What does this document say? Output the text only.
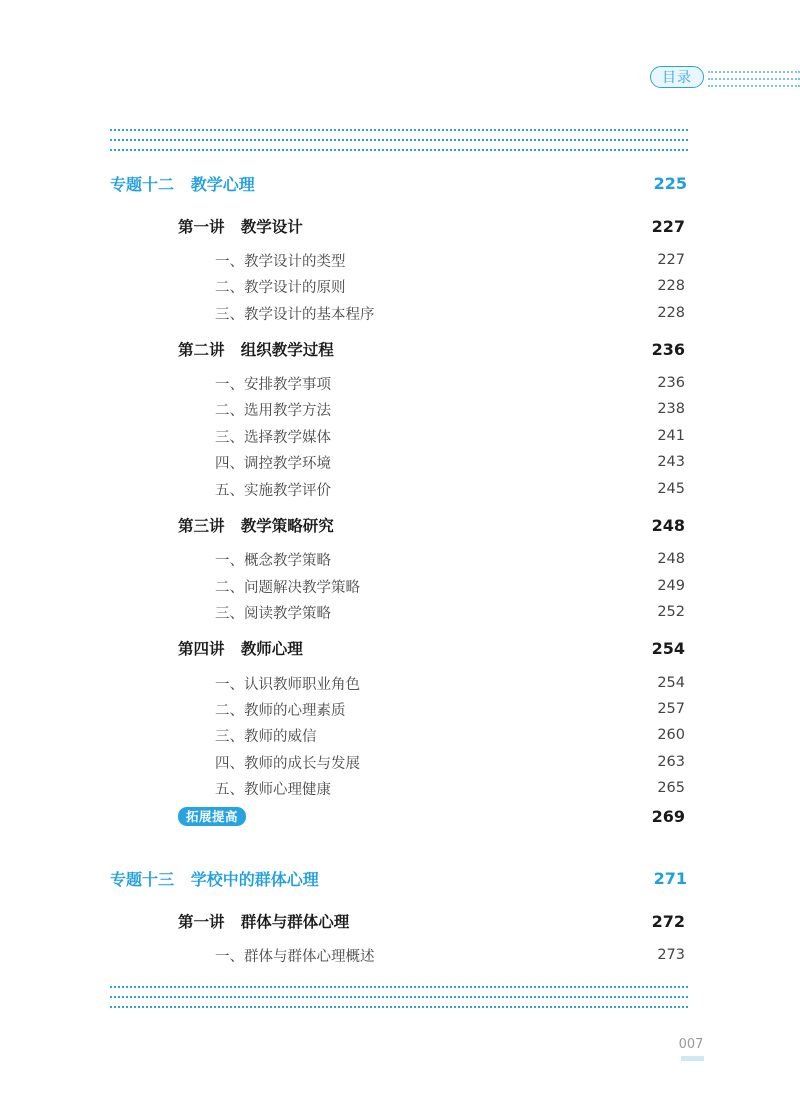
目录
专题十二   教学心理	225
第一讲   教学设计	227
一、教学设计的类型	227
二、教学设计的原则	228
三、教学设计的基本程序	228
第二讲   组织教学过程	236
一、安排教学事项	236
二、选用教学方法	238
三、选择教学媒体	241
四、调控教学环境	243
五、实施教学评价	245
第三讲   教学策略研究	248
一、概念教学策略	248
二、问题解决教学策略	249
三、阅读教学策略	252
第四讲   教师心理	254
一、认识教师职业角色	254
二、教师的心理素质	257
三、教师的威信	260
四、教师的成长与发展	263
五、教师心理健康	265
拓展提高	269
专题十三   学校中的群体心理	271
第一讲   群体与群体心理	272
一、群体与群体心理概述	273
007
